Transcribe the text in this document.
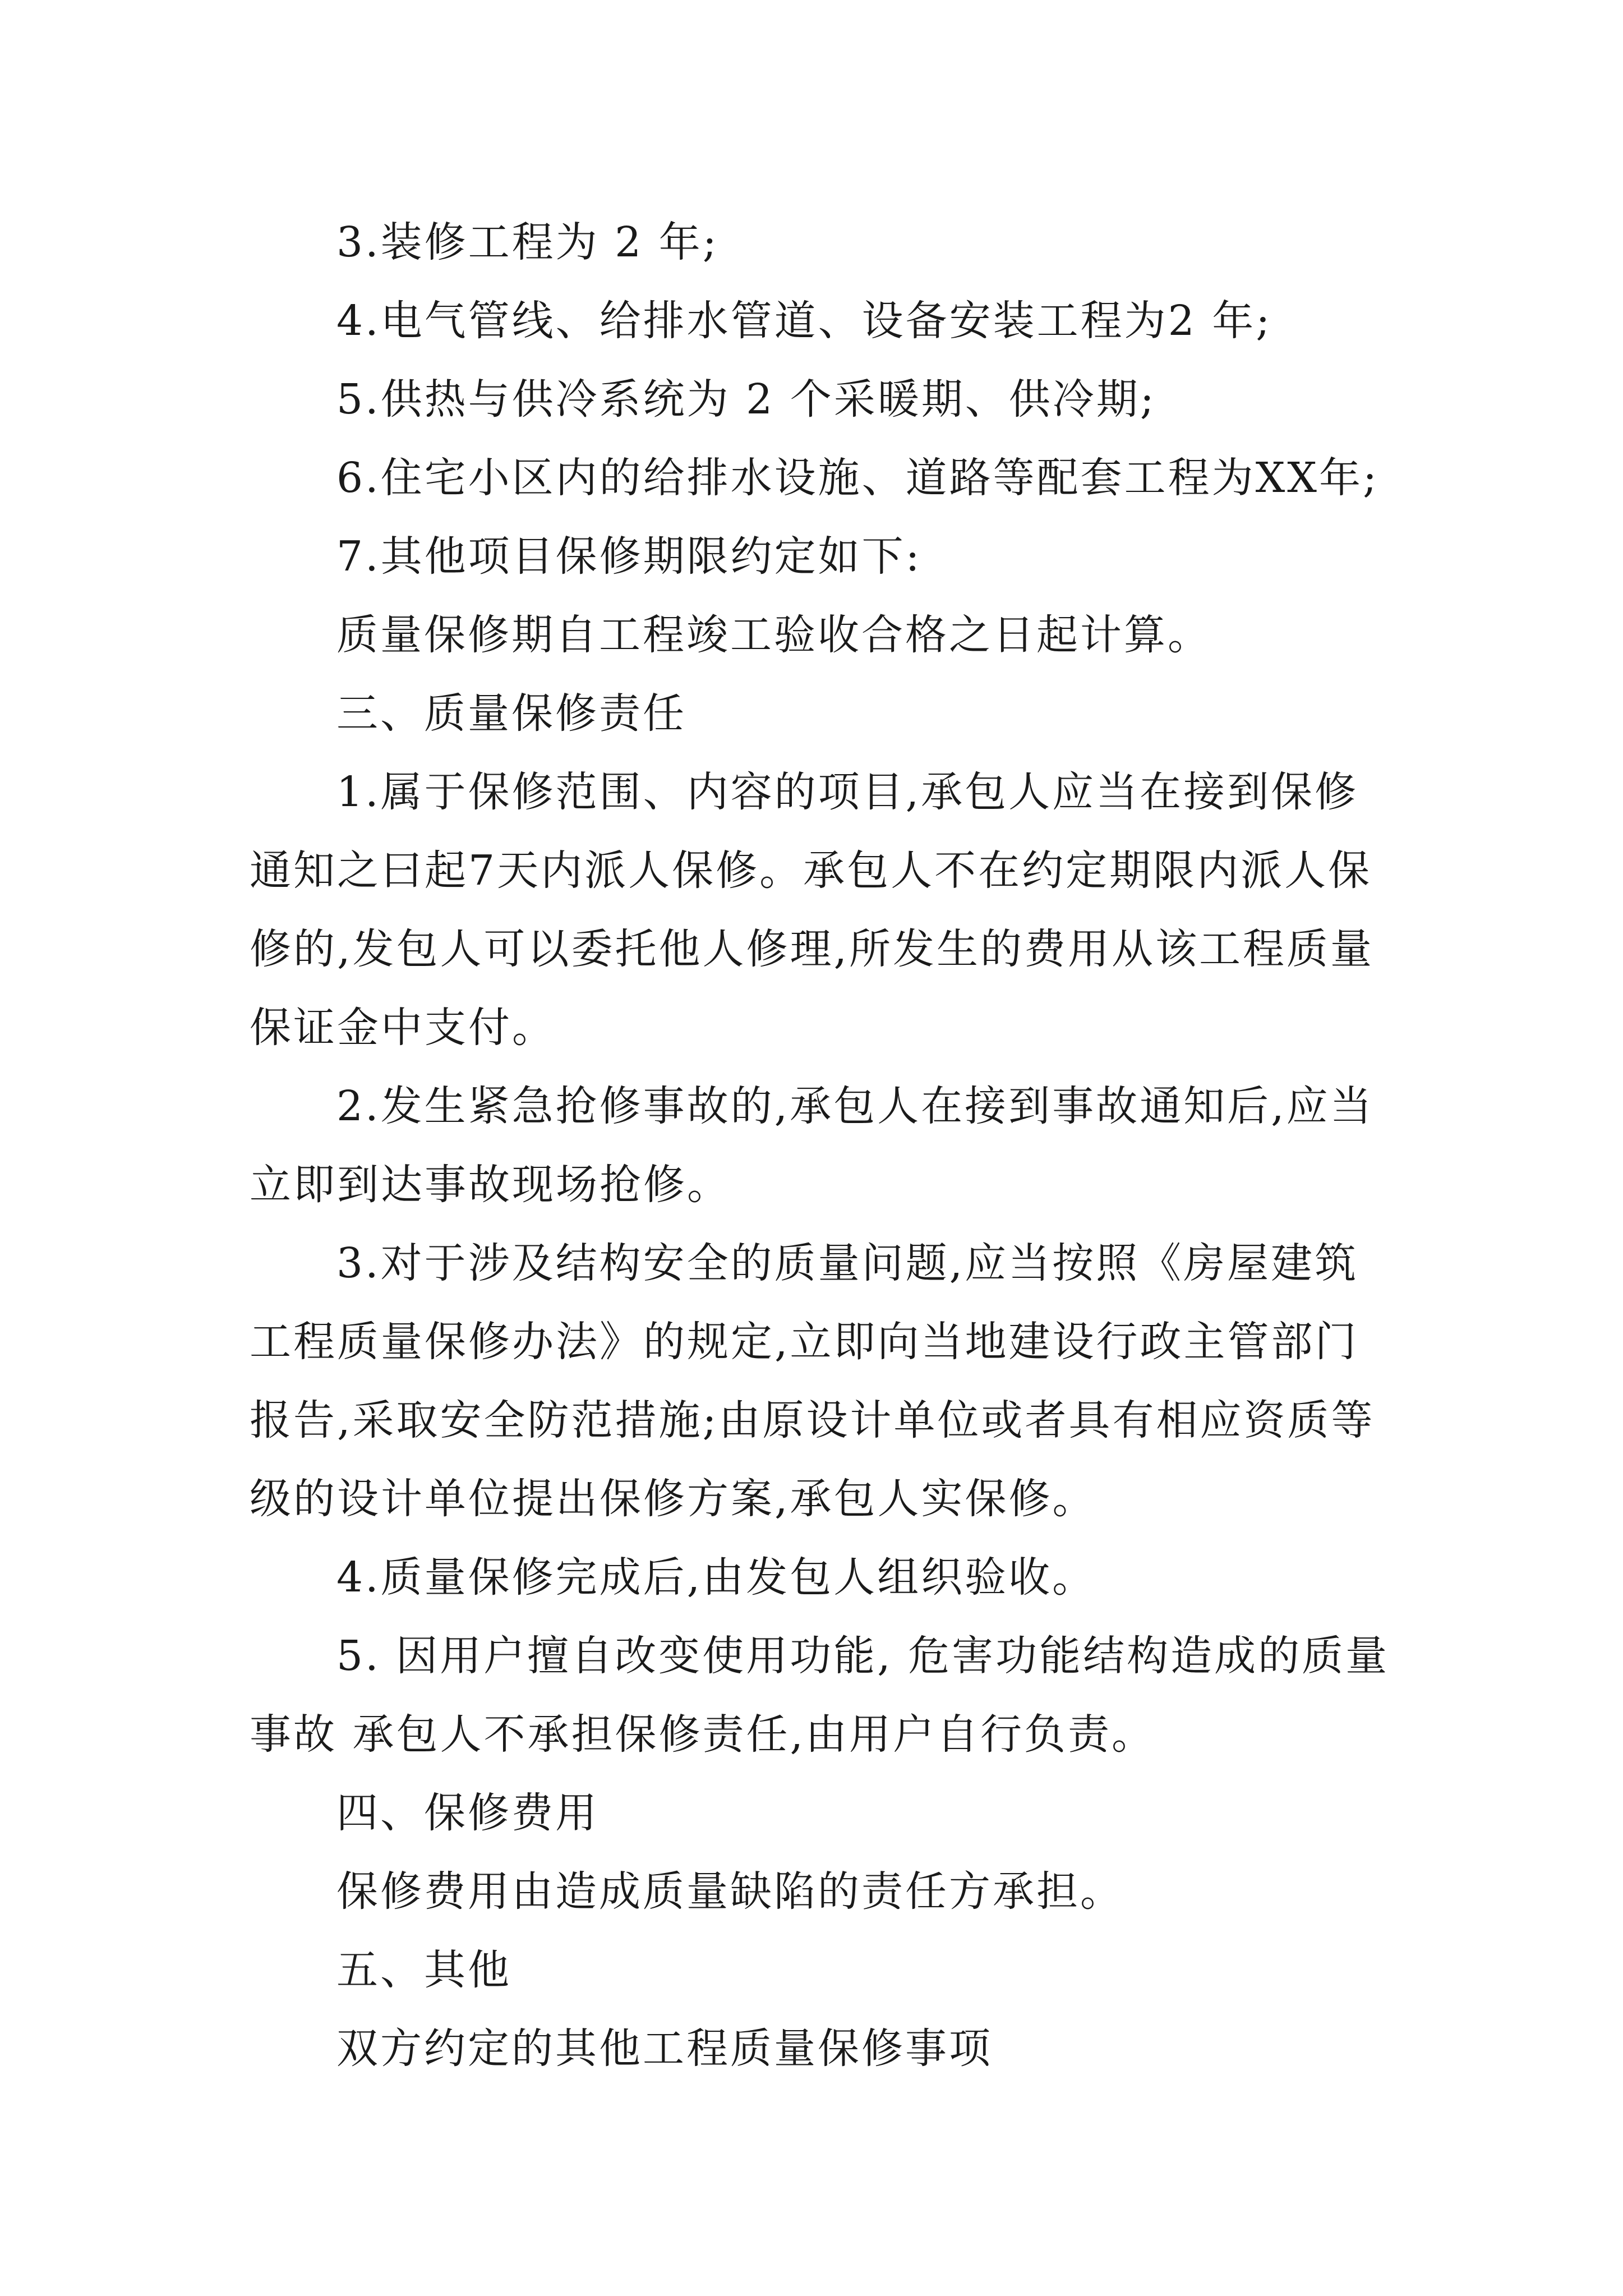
3.装修工程为 2 年;

4.电气管线、给排水管道、设备安装工程为2 年;

5.供热与供冷系统为 2 个采暖期、供冷期;

6.住宅小区内的给排水设施、道路等配套工程为XX年;

7.其他项目保修期限约定如下:

质量保修期自工程竣工验收合格之日起计算。

三、质量保修责任

1.属于保修范围、内容的项目,承包人应当在接到保修通知之曰起7天内派人保修。承包人不在约定期限内派人保修的,发包人可以委托他人修理,所发生的费用从该工程质量保证金中支付。

2.发生紧急抢修事故的,承包人在接到事故通知后,应当立即到达事故现场抢修。

3.对于涉及结构安全的质量问题,应当按照《房屋建筑工程质量保修办法》的规定,立即向当地建设行政主管部门报告,采取安全防范措施;由原设计单位或者具有相应资质等级的设计单位提出保修方案,承包人实保修。

4.质量保修完成后,由发包人组织验收。

5. 因用户擅自改变使用功能, 危害功能结构造成的质量事故 承包人不承担保修责任,由用户自行负责。

四、保修费用

保修费用由造成质量缺陷的责任方承担。

五、其他

双方约定的其他工程质量保修事项
